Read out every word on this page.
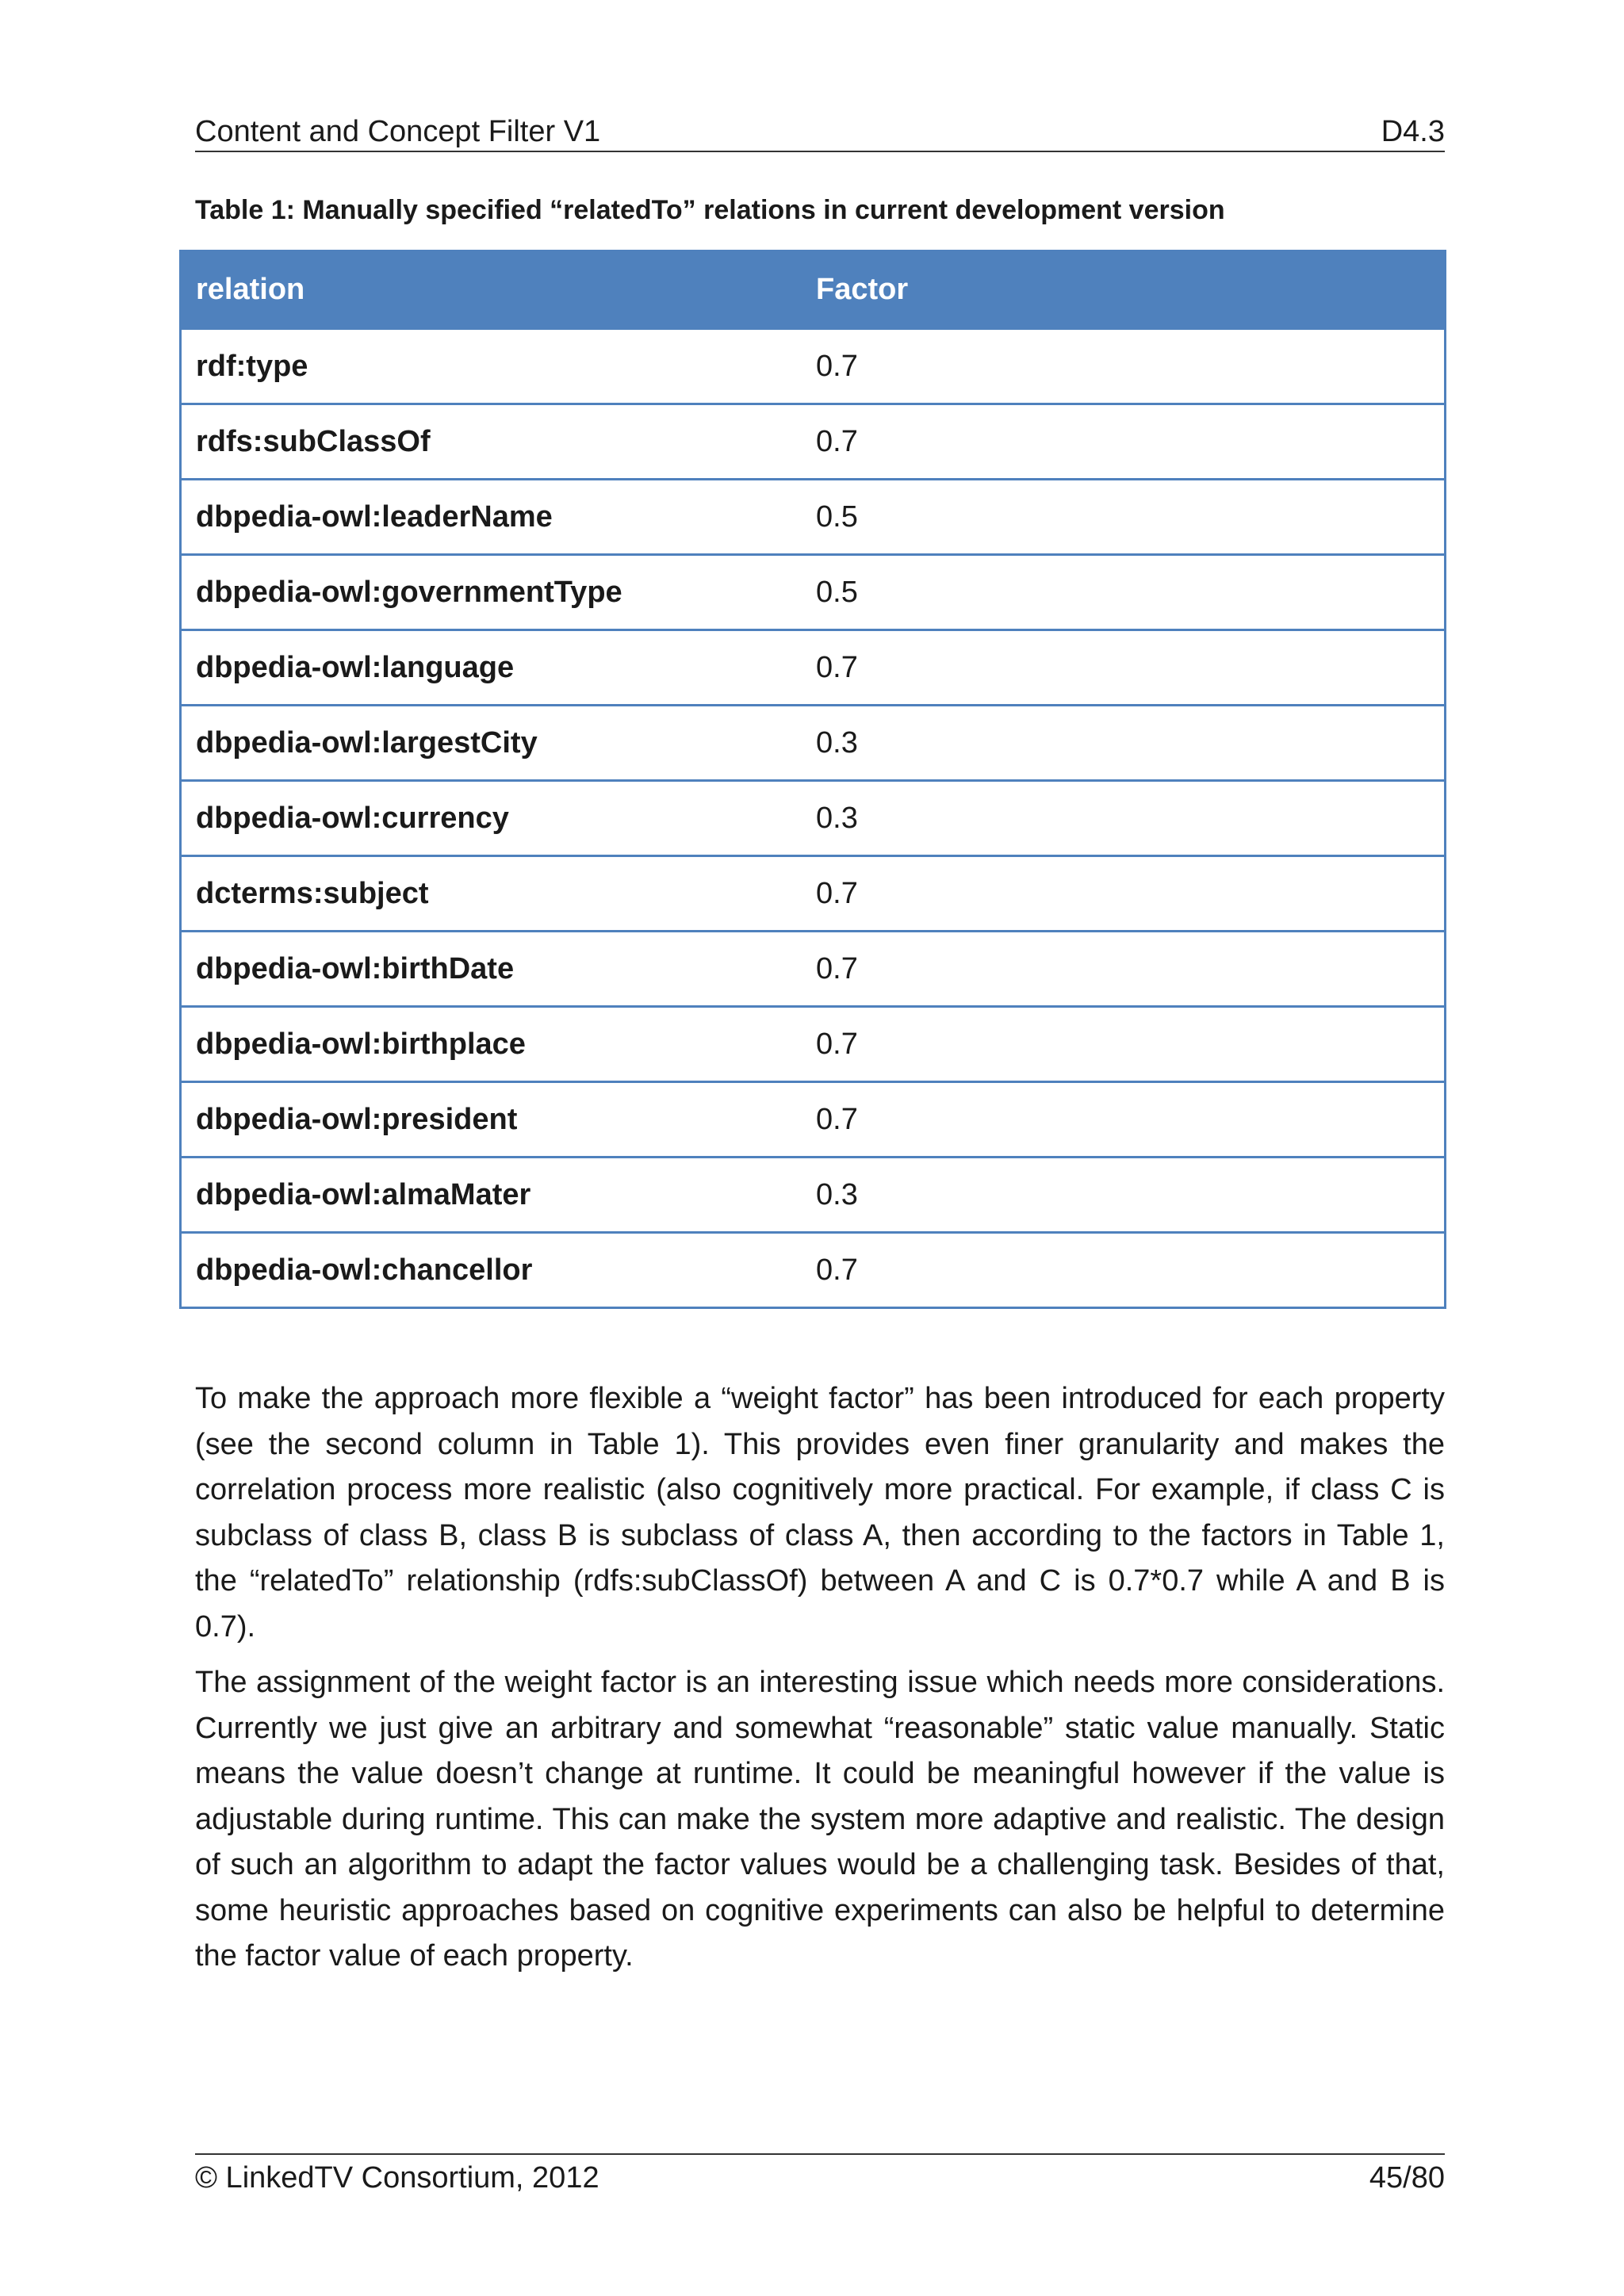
Content and Concept Filter V1	D4.3
Table 1: Manually specified “relatedTo” relations in current development version
relation	Factor
rdf:type	0.7
rdfs:subClassOf	0.7
dbpedia-owl:leaderName	0.5
dbpedia-owl:governmentType	0.5
dbpedia-owl:language	0.7
dbpedia-owl:largestCity	0.3
dbpedia-owl:currency	0.3
dcterms:subject	0.7
dbpedia-owl:birthDate	0.7
dbpedia-owl:birthplace	0.7
dbpedia-owl:president	0.7
dbpedia-owl:almaMater	0.3
dbpedia-owl:chancellor	0.7
To make the approach more flexible a “weight factor” has been introduced for each property (see the second column in Table 1). This provides even finer granularity and makes the correlation process more realistic (also cognitively more practical. For example, if class C is subclass of class B, class B is subclass of class A, then according to the factors in Table 1, the “relatedTo” relationship (rdfs:subClassOf) between A and C is 0.7*0.7 while A and B is 0.7).
The assignment of the weight factor is an interesting issue which needs more considerations. Currently we just give an arbitrary and somewhat “reasonable” static value manually. Static means the value doesn’t change at runtime. It could be meaningful however if the value is adjustable during runtime. This can make the system more adaptive and realistic. The design of such an algorithm to adapt the factor values would be a challenging task. Besides of that, some heuristic approaches based on cognitive experiments can also be helpful to determine the factor value of each property.
© LinkedTV Consortium, 2012	45/80
